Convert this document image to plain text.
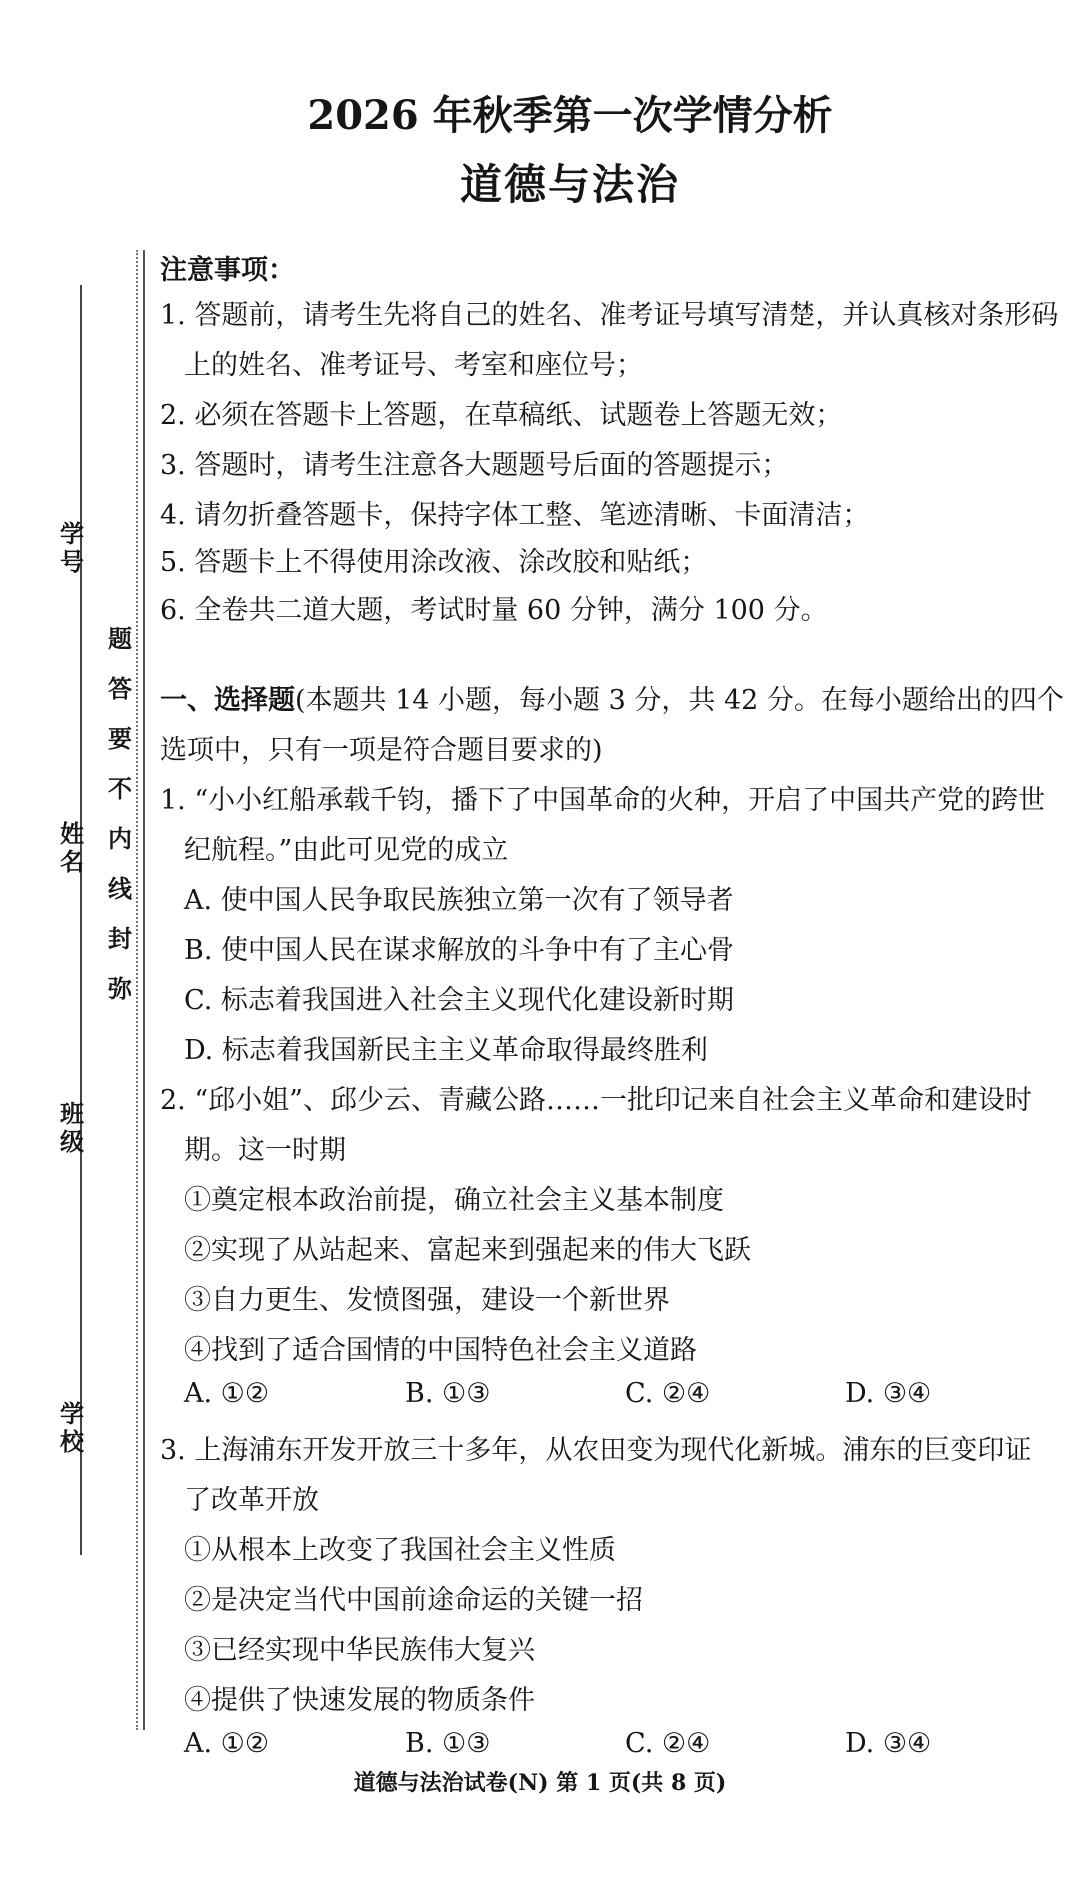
2026 年秋季第一次学情分析
道德与法治
学 号
姓 名
班 级
学 校
题
答
要
不
内
线
封
弥
注意事项：
1. 答题前，请考生先将自己的姓名、准考证号填写清楚，并认真核对条形码
上的姓名、准考证号、考室和座位号；
2. 必须在答题卡上答题，在草稿纸、试题卷上答题无效；
3. 答题时，请考生注意各大题题号后面的答题提示；
4. 请勿折叠答题卡，保持字体工整、笔迹清晰、卡面清洁；
5. 答题卡上不得使用涂改液、涂改胶和贴纸；
6. 全卷共二道大题，考试时量 60 分钟，满分 100 分。
一、选择题(本题共 14 小题，每小题 3 分，共 42 分。在每小题给出的四个
选项中，只有一项是符合题目要求的)
1. “小小红船承载千钧，播下了中国革命的火种，开启了中国共产党的跨世
纪航程。”由此可见党的成立
A. 使中国人民争取民族独立第一次有了领导者
B. 使中国人民在谋求解放的斗争中有了主心骨
C. 标志着我国进入社会主义现代化建设新时期
D. 标志着我国新民主主义革命取得最终胜利
2. “邱小姐”、邱少云、青藏公路……一批印记来自社会主义革命和建设时
期。这一时期
①奠定根本政治前提，确立社会主义基本制度
②实现了从站起来、富起来到强起来的伟大飞跃
③自力更生、发愤图强，建设一个新世界
④找到了适合国情的中国特色社会主义道路
A. ①②	B. ①③	C. ②④	D. ③④
3. 上海浦东开发开放三十多年，从农田变为现代化新城。浦东的巨变印证
了改革开放
①从根本上改变了我国社会主义性质
②是决定当代中国前途命运的关键一招
③已经实现中华民族伟大复兴
④提供了快速发展的物质条件
A. ①②	B. ①③	C. ②④	D. ③④
道德与法治试卷(N) 第 1 页(共 8 页)
